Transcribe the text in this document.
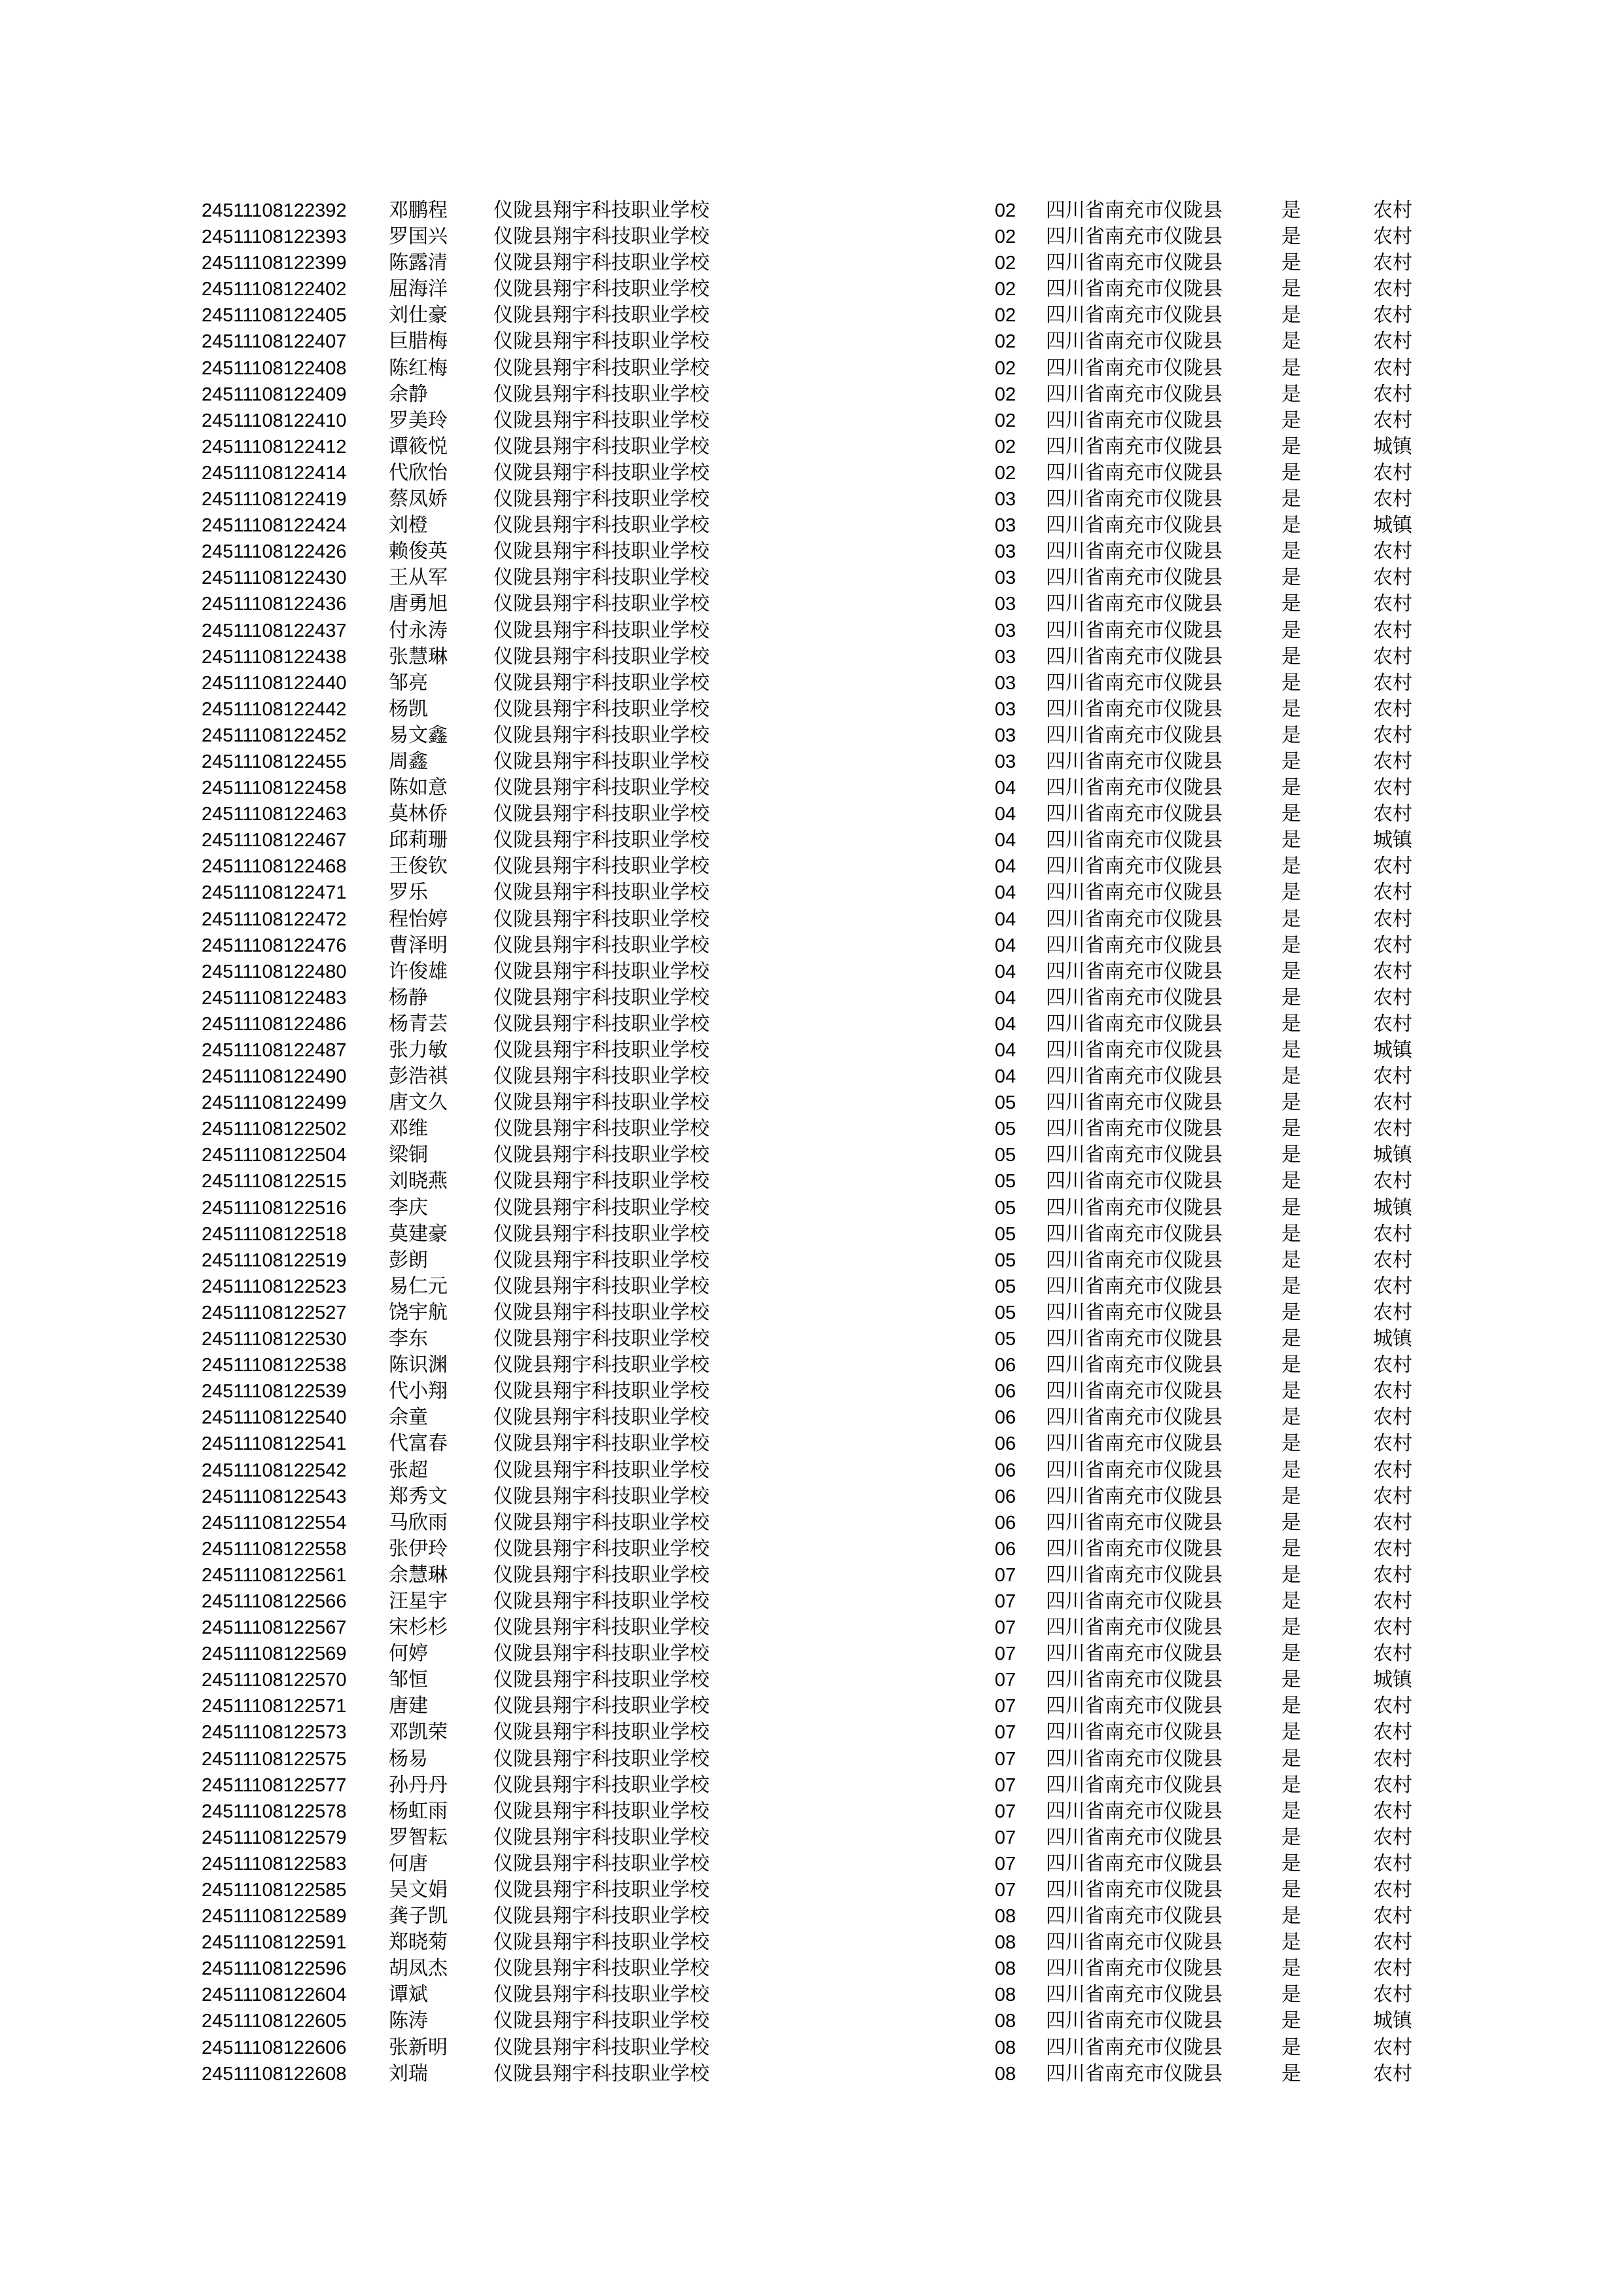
24511108122392 邓鹏程 仪陇县翔宇科技职业学校	02 四川省南充市仪陇县	是	农村
24511108122393 罗国兴 仪陇县翔宇科技职业学校	02 四川省南充市仪陇县	是	农村
24511108122399 陈露清 仪陇县翔宇科技职业学校	02 四川省南充市仪陇县	是	农村
24511108122402 屈海洋 仪陇县翔宇科技职业学校	02 四川省南充市仪陇县	是	农村
24511108122405 刘仕豪 仪陇县翔宇科技职业学校	02 四川省南充市仪陇县	是	农村
24511108122407 巨腊梅 仪陇县翔宇科技职业学校	02 四川省南充市仪陇县	是	农村
24511108122408 陈红梅 仪陇县翔宇科技职业学校	02 四川省南充市仪陇县	是	农村
24511108122409 余静	仪陇县翔宇科技职业学校	02 四川省南充市仪陇县	是	农村
24511108122410 罗美玲 仪陇县翔宇科技职业学校	02 四川省南充市仪陇县	是	农村
24511108122412 谭筱悦 仪陇县翔宇科技职业学校	02 四川省南充市仪陇县	是	城镇
24511108122414 代欣怡 仪陇县翔宇科技职业学校	02 四川省南充市仪陇县	是	农村
24511108122419 蔡凤娇 仪陇县翔宇科技职业学校	03 四川省南充市仪陇县	是	农村
24511108122424 刘橙	仪陇县翔宇科技职业学校	03 四川省南充市仪陇县	是	城镇
24511108122426 赖俊英 仪陇县翔宇科技职业学校	03 四川省南充市仪陇县	是	农村
24511108122430 王从军 仪陇县翔宇科技职业学校	03 四川省南充市仪陇县	是	农村
24511108122436 唐勇旭 仪陇县翔宇科技职业学校	03 四川省南充市仪陇县	是	农村
24511108122437 付永涛 仪陇县翔宇科技职业学校	03 四川省南充市仪陇县	是	农村
24511108122438 张慧琳 仪陇县翔宇科技职业学校	03 四川省南充市仪陇县	是	农村
24511108122440 邹亮	仪陇县翔宇科技职业学校	03 四川省南充市仪陇县	是	农村
24511108122442 杨凯	仪陇县翔宇科技职业学校	03 四川省南充市仪陇县	是	农村
24511108122452 易文鑫 仪陇县翔宇科技职业学校	03 四川省南充市仪陇县	是	农村
24511108122455 周鑫	仪陇县翔宇科技职业学校	03 四川省南充市仪陇县	是	农村
24511108122458 陈如意 仪陇县翔宇科技职业学校	04 四川省南充市仪陇县	是	农村
24511108122463 莫林侨 仪陇县翔宇科技职业学校	04 四川省南充市仪陇县	是	农村
24511108122467 邱莉珊 仪陇县翔宇科技职业学校	04 四川省南充市仪陇县	是	城镇
24511108122468 王俊钦 仪陇县翔宇科技职业学校	04 四川省南充市仪陇县	是	农村
24511108122471 罗乐	仪陇县翔宇科技职业学校	04 四川省南充市仪陇县	是	农村
24511108122472 程怡婷 仪陇县翔宇科技职业学校	04 四川省南充市仪陇县	是	农村
24511108122476 曹泽明 仪陇县翔宇科技职业学校	04 四川省南充市仪陇县	是	农村
24511108122480 许俊雄 仪陇县翔宇科技职业学校	04 四川省南充市仪陇县	是	农村
24511108122483 杨静	仪陇县翔宇科技职业学校	04 四川省南充市仪陇县	是	农村
24511108122486 杨青芸 仪陇县翔宇科技职业学校	04 四川省南充市仪陇县	是	农村
24511108122487 张力敏 仪陇县翔宇科技职业学校	04 四川省南充市仪陇县	是	城镇
24511108122490 彭浩祺 仪陇县翔宇科技职业学校	04 四川省南充市仪陇县	是	农村
24511108122499 唐文久 仪陇县翔宇科技职业学校	05 四川省南充市仪陇县	是	农村
24511108122502 邓维	仪陇县翔宇科技职业学校	05 四川省南充市仪陇县	是	农村
24511108122504 梁铜	仪陇县翔宇科技职业学校	05 四川省南充市仪陇县	是	城镇
24511108122515 刘晓燕 仪陇县翔宇科技职业学校	05 四川省南充市仪陇县	是	农村
24511108122516 李庆	仪陇县翔宇科技职业学校	05 四川省南充市仪陇县	是	城镇
24511108122518 莫建豪 仪陇县翔宇科技职业学校	05 四川省南充市仪陇县	是	农村
24511108122519 彭朗	仪陇县翔宇科技职业学校	05 四川省南充市仪陇县	是	农村
24511108122523 易仁元 仪陇县翔宇科技职业学校	05 四川省南充市仪陇县	是	农村
24511108122527 饶宇航 仪陇县翔宇科技职业学校	05 四川省南充市仪陇县	是	农村
24511108122530 李东	仪陇县翔宇科技职业学校	05 四川省南充市仪陇县	是	城镇
24511108122538 陈识渊 仪陇县翔宇科技职业学校	06 四川省南充市仪陇县	是	农村
24511108122539 代小翔 仪陇县翔宇科技职业学校	06 四川省南充市仪陇县	是	农村
24511108122540 余童	仪陇县翔宇科技职业学校	06 四川省南充市仪陇县	是	农村
24511108122541 代富春 仪陇县翔宇科技职业学校	06 四川省南充市仪陇县	是	农村
24511108122542 张超	仪陇县翔宇科技职业学校	06 四川省南充市仪陇县	是	农村
24511108122543 郑秀文 仪陇县翔宇科技职业学校	06 四川省南充市仪陇县	是	农村
24511108122554 马欣雨 仪陇县翔宇科技职业学校	06 四川省南充市仪陇县	是	农村
24511108122558 张伊玲 仪陇县翔宇科技职业学校	06 四川省南充市仪陇县	是	农村
24511108122561 余慧琳 仪陇县翔宇科技职业学校	07 四川省南充市仪陇县	是	农村
24511108122566 汪星宇 仪陇县翔宇科技职业学校	07 四川省南充市仪陇县	是	农村
24511108122567 宋杉杉 仪陇县翔宇科技职业学校	07 四川省南充市仪陇县	是	农村
24511108122569 何婷	仪陇县翔宇科技职业学校	07 四川省南充市仪陇县	是	农村
24511108122570 邹恒	仪陇县翔宇科技职业学校	07 四川省南充市仪陇县	是	城镇
24511108122571 唐建	仪陇县翔宇科技职业学校	07 四川省南充市仪陇县	是	农村
24511108122573 邓凯荣 仪陇县翔宇科技职业学校	07 四川省南充市仪陇县	是	农村
24511108122575 杨易	仪陇县翔宇科技职业学校	07 四川省南充市仪陇县	是	农村
24511108122577 孙丹丹 仪陇县翔宇科技职业学校	07 四川省南充市仪陇县	是	农村
24511108122578 杨虹雨 仪陇县翔宇科技职业学校	07 四川省南充市仪陇县	是	农村
24511108122579 罗智耘 仪陇县翔宇科技职业学校	07 四川省南充市仪陇县	是	农村
24511108122583 何唐	仪陇县翔宇科技职业学校	07 四川省南充市仪陇县	是	农村
24511108122585 吴文娟 仪陇县翔宇科技职业学校	07 四川省南充市仪陇县	是	农村
24511108122589 龚子凯 仪陇县翔宇科技职业学校	08 四川省南充市仪陇县	是	农村
24511108122591 郑晓菊 仪陇县翔宇科技职业学校	08 四川省南充市仪陇县	是	农村
24511108122596 胡凤杰 仪陇县翔宇科技职业学校	08 四川省南充市仪陇县	是	农村
24511108122604 谭斌	仪陇县翔宇科技职业学校	08 四川省南充市仪陇县	是	农村
24511108122605 陈涛	仪陇县翔宇科技职业学校	08 四川省南充市仪陇县	是	城镇
24511108122606 张新明 仪陇县翔宇科技职业学校	08 四川省南充市仪陇县	是	农村
24511108122608 刘瑞	仪陇县翔宇科技职业学校	08 四川省南充市仪陇县	是	农村
